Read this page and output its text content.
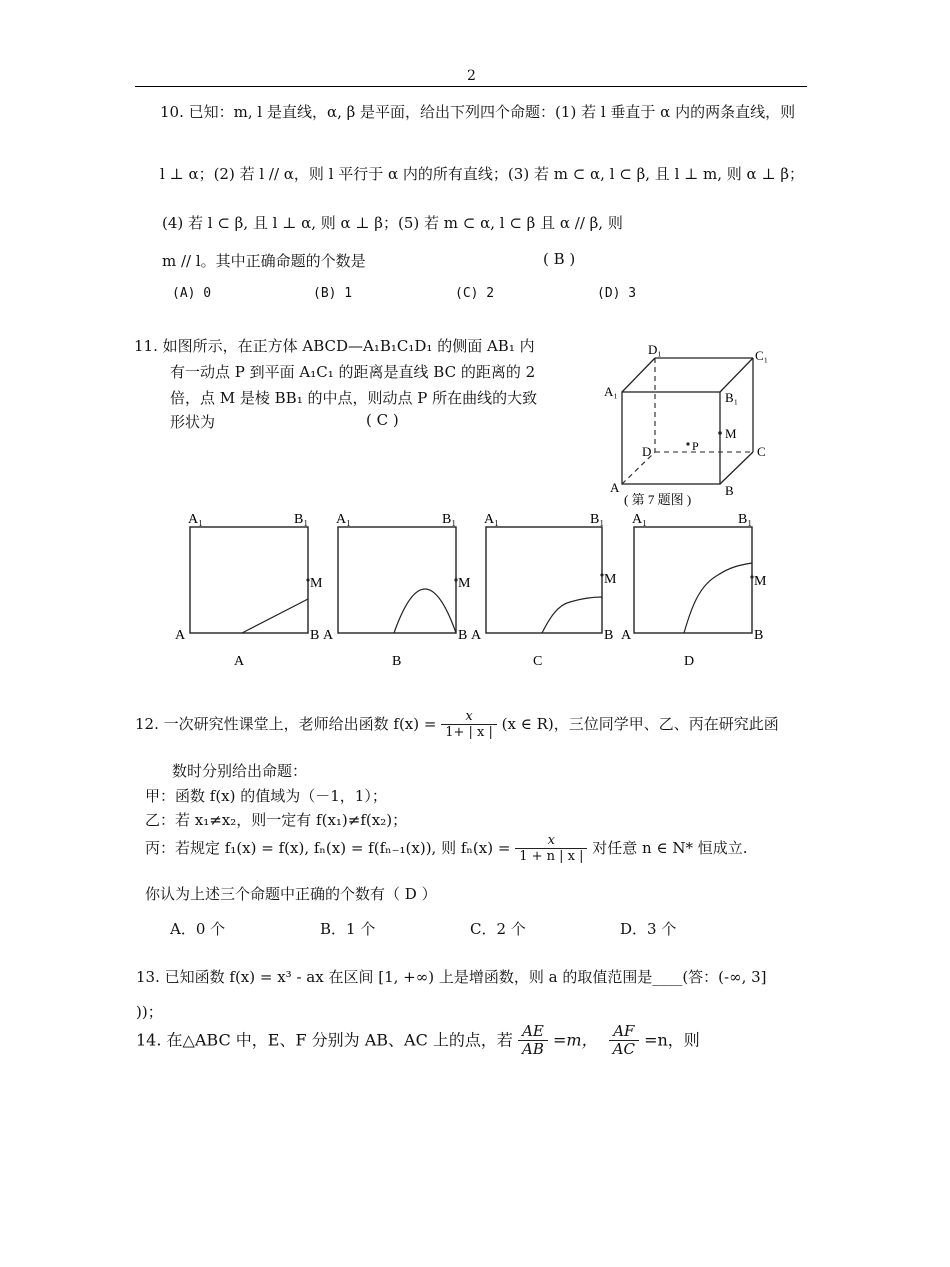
2
10. 已知：m, l 是直线，α, β 是平面，给出下列四个命题：(1) 若 l 垂直于 α 内的两条直线，则
l ⊥ α；(2) 若 l // α，则 l 平行于 α 内的所有直线；(3) 若 m ⊂ α, l ⊂ β, 且 l ⊥ m, 则 α ⊥ β；
(4) 若 l ⊂ β, 且 l ⊥ α, 则 α ⊥ β；(5) 若 m ⊂ α, l ⊂ β 且 α // β, 则
m // l。其中正确命题的个数是	( B )
(A) 0	(B) 1	(C) 2	(D) 3
11. 如图所示，在正方体 ABCD—A₁B₁C₁D₁ 的侧面 AB₁ 内
有一动点 P 到平面 A₁C₁ 的距离是直线 BC 的距离的 2
倍，点 M 是棱 BB₁ 的中点，则动点 P 所在曲线的大致
形状为	( C )
D₁	C₁
A₁	B₁
M
P
D	C
A	B
( 第 7 题图 )
A₁	B₁
A	B
M
A
A₁	B₁
A	B
M
B
A₁	B₁
A	B
M
C
A₁	B₁
A	B
M
D
12. 一次研究性课堂上，老师给出函数 $f(x) = \frac{x}{1+ | x |} (x$ ∈ R)，三位同学甲、乙、丙在研究此函
数时分别给出命题：
甲：函数 f(x) 的值域为（－1，1）；
乙：若 x₁≠x₂，则一定有 f(x₁)≠f(x₂)；
丙：若规定 f₁(x) = f(x), fₙ(x) = f(fₙ₋₁(x)), 则 $f_n(x) = \frac{x}{1 + n | x |}$ 对任意 n ∈ N* 恒成立.
你认为上述三个命题中正确的个数有（ D ）
A．0 个	B．1 个	C．2 个	D．3 个
13. 已知函数 f(x) = x³ - ax 在区间 [1, +∞) 上是增函数，则 a 的取值范围是____(答：(-∞, 3]
))；
14. 在△ABC 中，E、F 分别为 AB、AC 上的点，若 $\frac{AE}{AB} =m$， $\frac{AF}{AC} =n$，则
